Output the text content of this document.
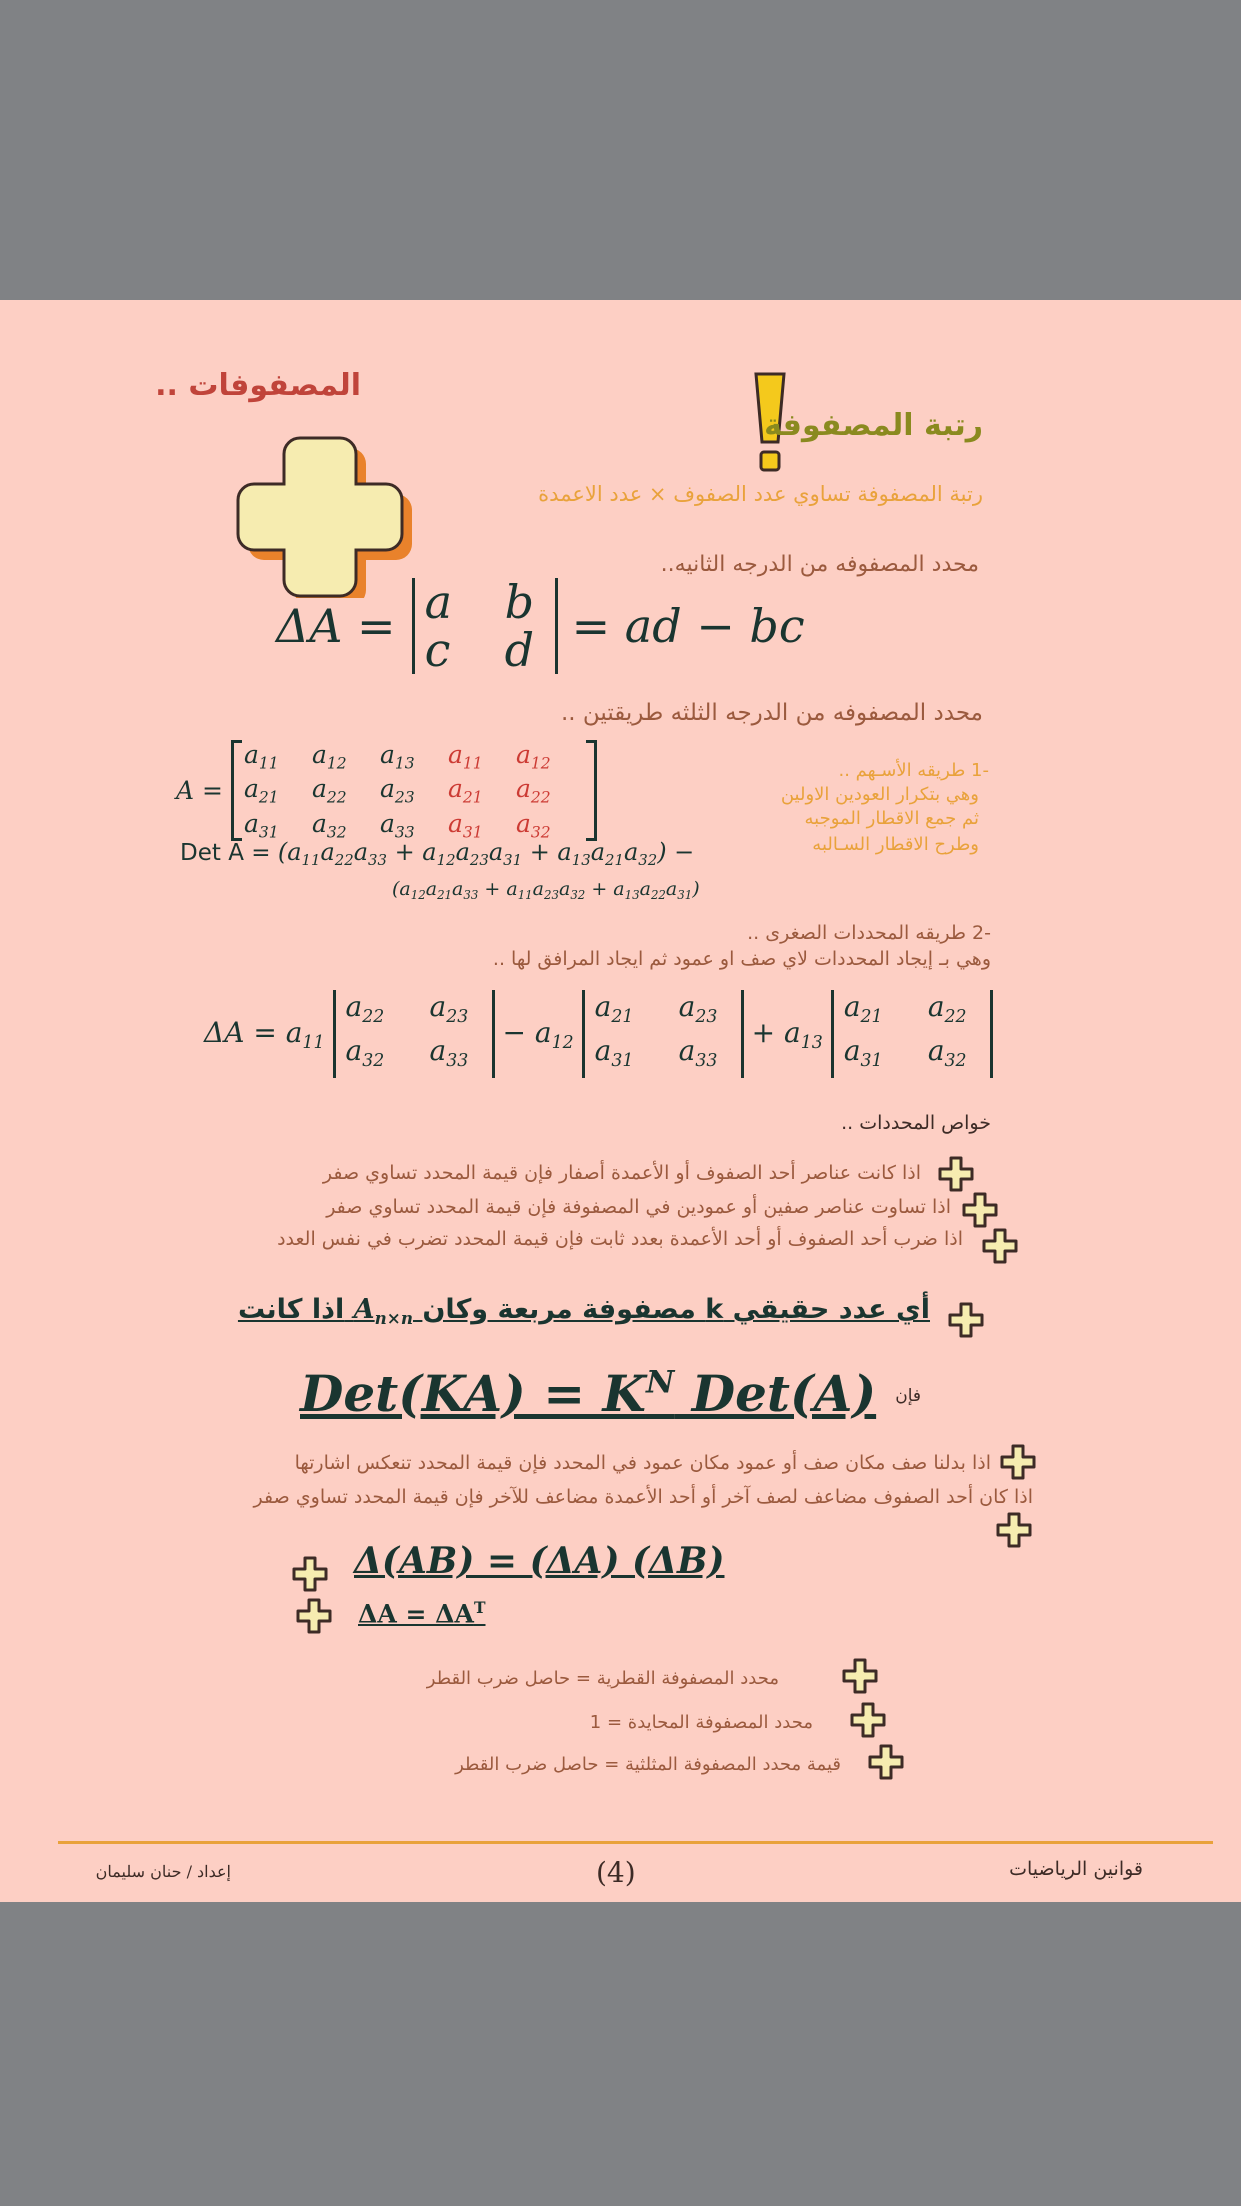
المصفوفات ..
رتبة المصفوفة
رتبة المصفوفة تساوي عدد الصفوف × عدد الاعمدة
محدد المصفوفه من الدرجه الثانيه..
ΔA = a	b
c	d = ad − bc
محدد المصفوفه من الدرجه الثلثه طريقتين ..
A =
$a_{11}$	$a_{12}$	$a_{13}$	$a_{11}$	$a_{12}$
$a_{21}$	$a_{22}$	$a_{23}$	$a_{21}$	$a_{22}$
$a_{31}$	$a_{32}$	$a_{33}$	$a_{31}$	$a_{32}$
-1 طريقه الأسـهم ..
وهي بتكرار العودين الاولين
ثم جمع الاقطار الموجبه
وطرح الاقطار السـالبه
Det $A = (a_{11}a_{22}a_{33} + a_{12}a_{23}a_{31} + a_{13}a_{21}a_{32})$ −
$(a_{12}a_{21}a_{33} + a_{11}a_{23}a_{32} + a_{13}a_{22}a_{31})$
-2 طريقه المحددات الصغرى ..
وهي بـ إيجاد المحددات لاي صف او عمود ثم ايجاد المرافق لها ..
$\Delta A = a_{11}$
$a_{22}$	$a_{23}$
$a_{32}$	$a_{33}$
− $a_{12}$
$a_{21}$	$a_{23}$
$a_{31}$	$a_{33}$
+ $a_{13}$
$a_{21}$	$a_{22}$
$a_{31}$	$a_{32}$
خواص المحددات ..
اذا كانت عناصر أحد الصفوف أو الأعمدة أصفار فإن قيمة المحدد تساوي صفر
اذا تساوت عناصر صفين أو عمودين في المصفوفة فإن قيمة المحدد تساوي صفر
اذا ضرب أحد الصفوف أو أحد الأعمدة بعدد ثابت فإن قيمة المحدد تضرب في نفس العدد
أي عدد حقيقي k مصفوفة مربعة وكان $A_{n\times n}$ اذا كانت
$Det(KA) = K^N$ Det(A) فإن
اذا بدلنا صف مكان صف أو عمود مكان عمود في المحدد فإن قيمة المحدد تنعكس اشارتها
اذا كان أحد الصفوف مضاعف لصف آخر أو أحد الأعمدة مضاعف للآخر فإن قيمة المحدد تساوي صفر
Δ(AB) = (ΔA) (ΔB)
$\Delta A = \Delta A^T$
محدد المصفوفة القطرية = حاصل ضرب القطر
محدد المصفوفة المحايدة = 1
قيمة محدد المصفوفة المثلثية = حاصل ضرب القطر
إعداد / حنان سليمان	(4)	قوانين الرياضيات
